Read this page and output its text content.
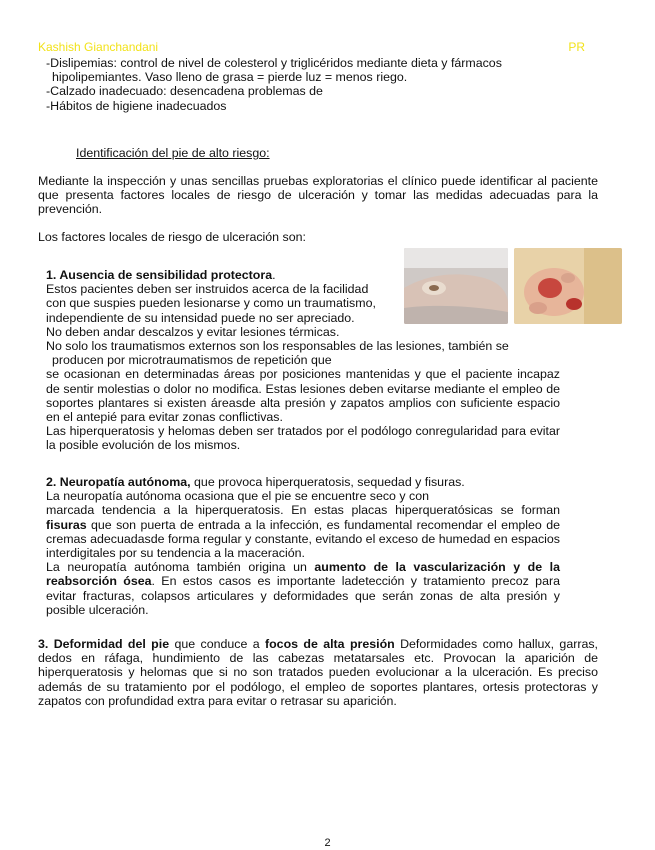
Kashish Gianchandani	PR

-Dislipemias: control de nivel de colesterol y triglicéridos mediante dieta y fármacos

hipolipemiantes. Vaso lleno de grasa = pierde luz = menos riego.

-Calzado inadecuado: desencadena problemas de

-Hábitos de higiene inadecuados

Identificación del pie de alto riesgo:

Mediante la inspección y unas sencillas pruebas exploratorias el clínico puede identificar al paciente que presenta factores locales de riesgo de ulceración y tomar las medidas adecuadas para la prevención.

Los factores locales de riesgo de ulceración son:

1. Ausencia de sensibilidad protectora.

Estos pacientes deben ser instruidos acerca de la facilidad

con que suspies pueden lesionarse y como un traumatismo,

independiente de su intensidad puede no ser apreciado.

No deben andar descalzos y evitar lesiones térmicas.

No solo los traumatismos externos son los responsables de las lesiones, también se

producen por microtraumatismos de repetición que

se ocasionan en determinadas áreas por posiciones mantenidas y que el paciente incapaz de sentir molestias o dolor no modifica. Estas lesiones deben evitarse mediante el empleo de soportes plantares si existen áreasde alta presión y zapatos amplios con suficiente espacio en el antepié para evitar zonas conflictivas.

Las hiperqueratosis y helomas deben ser tratados por el podólogo conregularidad para evitar la posible evolución de los mismos.

2. Neuropatía autónoma, que provoca hiperqueratosis, sequedad y fisuras.

La neuropatía autónoma ocasiona que el pie se encuentre seco y con

marcada tendencia a la hiperqueratosis. En estas placas hiperqueratósicas se forman fisuras que son puerta de entrada a la infección, es fundamental recomendar el empleo de cremas adecuadasde forma regular y constante, evitando el exceso de humedad en espacios interdigitales por su tendencia a la maceración.

La neuropatía autónoma también origina un aumento de la vascularización y de la reabsorción ósea. En estos casos es importante ladetección y tratamiento precoz para evitar fracturas, colapsos articulares y deformidades que serán zonas de alta presión y posible ulceración.

3. Deformidad del pie que conduce a focos de alta presión Deformidades como hallux, garras, dedos en ráfaga, hundimiento de las cabezas metatarsales etc. Provocan la aparición de hiperqueratosis y helomas que si no son tratados pueden evolucionar a la ulceración. Es preciso además de su tratamiento por el podólogo, el empleo de soportes plantares, ortesis protectoras y zapatos con profundidad extra para evitar o retrasar su aparición.

2
